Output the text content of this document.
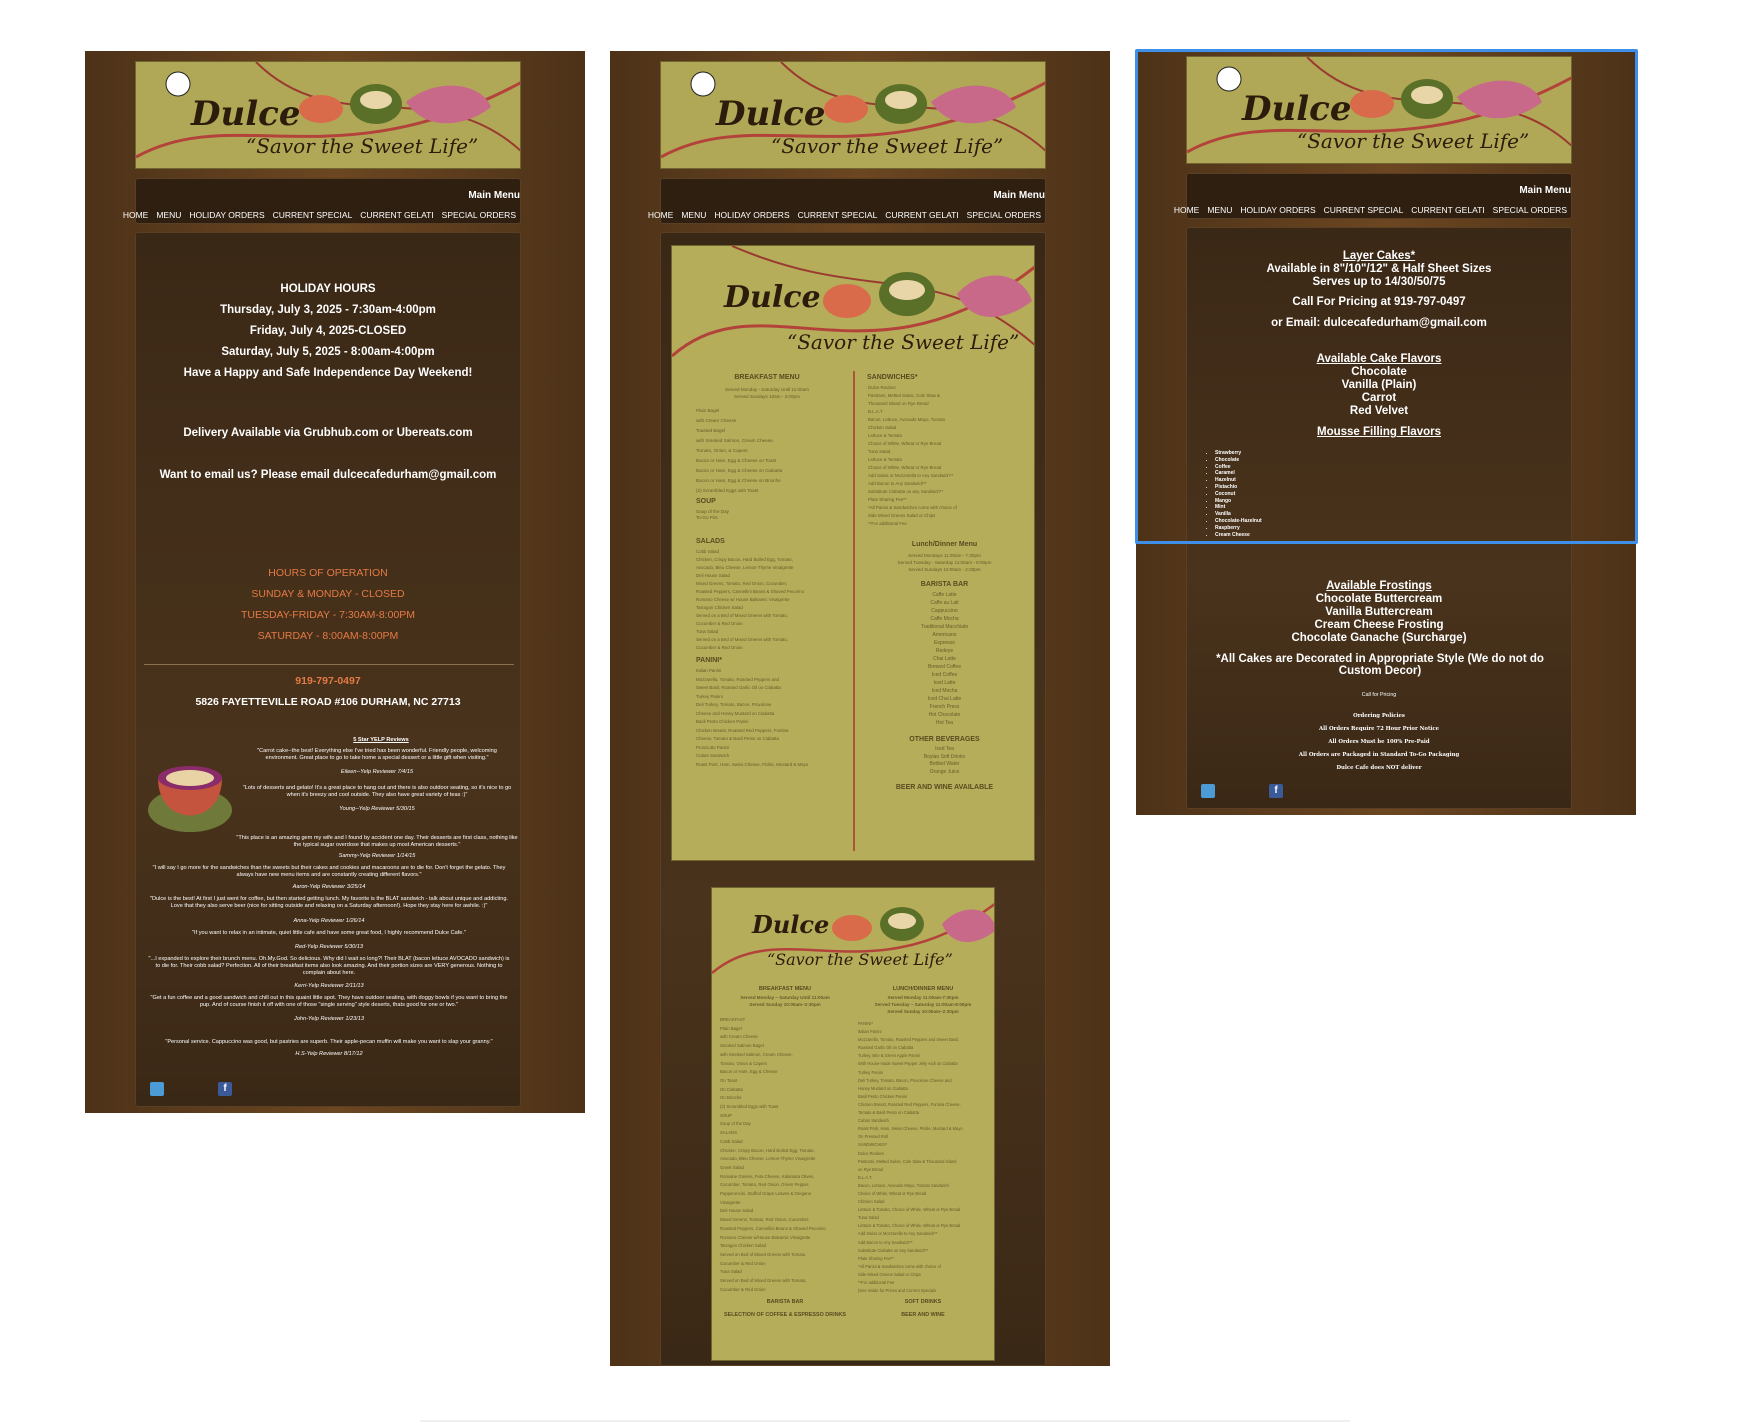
Dulce
“Savor the Sweet Life”
Main Menu
HOME MENU HOLIDAY ORDERS CURRENT SPECIAL CURRENT GELATI SPECIAL ORDERS
HOLIDAY HOURS
Thursday, July 3, 2025 - 7:30am-4:00pm
Friday, July 4, 2025-CLOSED
Saturday, July 5, 2025 - 8:00am-4:00pm
Have a Happy and Safe Independence Day Weekend!
Delivery Available via Grubhub.com or Ubereats.com
Want to email us? Please email dulcecafedurham@gmail.com
HOURS OF OPERATION
SUNDAY & MONDAY - CLOSED
TUESDAY-FRIDAY - 7:30AM-8:00PM
SATURDAY - 8:00AM-8:00PM
919-797-0497
5826 FAYETTEVILLE ROAD #106 DURHAM, NC 27713
5 Star YELP Reviews
"Carrot cake--the best! Everything else I've tried has been wonderful. Friendly people, welcoming environment. Great place to go to take home a special dessert or a little gift when visiting."
Eileen--Yelp Reviewer 7/4/15
"Lots of desserts and gelato! It's a great place to hang out and there is also outdoor seating, so it's nice to go when it's breezy and cool outside. They also have great variety of teas :)"
Young--Yelp Reviewer 5/30/15
"This place is an amazing gem my wife and I found by accident one day. Their desserts are first class, nothing like the typical sugar overdose that makes up most American desserts."
Sammy-Yelp Reviewer 1/14/15
"I will say I go more for the sandwiches than the sweets but their cakes and cookies and macaroons are to die for. Don't forget the gelato. They always have new menu items and are constantly creating different flavors."
Aaron-Yelp Reviewer 3/25/14
"Dulce is the best! At first I just went for coffee, but then started getting lunch. My favorite is the BLAT sandwich - talk about unique and addicting. Love that they also serve beer (nice for sitting outside and relaxing on a Saturday afternoon!). Hope they stay here for awhile. :)"
Anna-Yelp Reviewer 1/26/14
"If you want to relax in an intimate, quiet little cafe and have some great food, I highly recommend Dulce Cafe."
Red-Yelp Reviewer 5/30/13
"...I expanded to explore their brunch menu. Oh.My.God. So delicious. Why did I wait so long?! Their BLAT (bacon lettuce AVOCADO sandwich) is to die for. Their cobb salad? Perfection. All of their breakfast items also look amazing. And their portion sizes are VERY generous. Nothing to complain about here.
Kerri-Yelp Reviewer 2/11/13
"Get a fun coffee and a good sandwich and chill out in this quaint little spot. They have outdoor seating, with doggy bowls if you want to bring the pup. And of course finish it off with one of those "single serving" style deserts, thats good for one or two."
John-Yelp Reviewer 1/23/13
"Personal service. Cappuccino was good, but pastries are superb. Their apple-pecan muffin will make you want to slap your granny."
H.S-Yelp Reviewer 8/17/12
f
Dulce
“Savor the Sweet Life”
Main Menu
HOME MENU HOLIDAY ORDERS CURRENT SPECIAL CURRENT GELATI SPECIAL ORDERS
Dulce
“Savor the Sweet Life”
BREAKFAST MENU
Served Monday - Saturday Until 11:00am
Served Sundays 10am - 2:00pm
Plain Bagel
with Cream Cheese
Toasted Bagel
with Smoked Salmon, Cream Cheese,
Tomato, Onion, & Capers
Bacon or Ham, Egg & Cheese on Toast
Bacon or Ham, Egg & Cheese on Ciabatta
Bacon or Ham, Egg & Cheese on Brioche
(2) Scrambled Eggs with Toast
SOUP
Soup of the Day
To-Go Pint
SALADS
Cobb Salad
Chicken, Crispy Bacon, Hard Boiled Egg, Tomato,
Avocado, Bleu Cheese, Lemon-Thyme Vinaigrette
Deli House Salad
Mixed Greens, Tomato, Red Onion, Cucumber,
Roasted Peppers, Cannellini Beans & Shaved Pecorino
Romano Cheese w/ House Balsamic Vinaigrette
Tarragon Chicken Salad
Served on a Bed of Mixed Greens with Tomato,
Cucumber & Red Onion
Tuna Salad
Served on a Bed of Mixed Greens with Tomato,
Cucumber & Red Onion
PANINI*
Italian Panini
Mozzarella, Tomato, Roasted Peppers and
Sweet Basil, Roasted Garlic Oil on Ciabatta
Turkey Panini
Deli Turkey, Tomato, Bacon, Provolone
Cheese and Honey Mustard on Ciabatta
Basil Pesto Chicken Panini
Chicken Breast, Roasted Red Peppers, Fontina
Cheese, Tomato & Basil Pesto on Ciabatta
Prosciutto Panini
Cuban Sandwich
Roast Pork, Ham, Swiss Cheese, Pickle, Mustard & Mayo
SANDWICHES*
Dulce Reuben
Pastrami, Melted Swiss, Cole Slaw &
Thousand Island on Rye Bread
B.L.A.T
Bacon, Lettuce, Avocado Mayo, Tomato
Chicken Salad
Lettuce & Tomato
Choice of White, Wheat or Rye Bread
Tuna Salad
Lettuce & Tomato
Choice of White, Wheat or Rye Bread
Add Swiss or Mozzarella to Any Sandwich**
Add Bacon to Any Sandwich**
Substitute Ciabatta on any Sandwich**
Plate Sharing Fee**
*All Panini & Sandwiches come with choice of
Side Mixed Greens Salad or Chips
**For additional Fee
Lunch/Dinner Menu
Served Mondays 11:00am - 7:30pm
Served Tuesday - Saturday 11:00am - 8:00pm
Served Sundays 10:00am - 2:30pm
BARISTA BAR
Caffe Latte
Caffe au Lait
Cappuccino
Caffe Mocha
Traditional Macchiato
Americano
Espresso
Redeye
Chai Latte
Brewed Coffee
Iced Coffee
Iced Latte
Iced Mocha
Iced Chai Latte
French Press
Hot Chocolate
Hot Tea
OTHER BEVERAGES
Iced Tea
Boylan Soft Drinks
Bottled Water
Orange Juice
BEER AND WINE AVAILABLE
Dulce
“Savor the Sweet Life”
BREAKFAST MENU
Served Monday – Saturday Until 11:00am
Served Sunday 10:00am–2:30pm
BREAKFAST
Plain Bagel
with Cream Cheese
Smoked Salmon Bagel
with Smoked Salmon, Cream Cheese,
Tomato, Onion & Capers
Bacon or Ham, Egg & Cheese
On Toast
On Ciabatta
On Brioche
(2) Scrambled Eggs with Toast
SOUP
Soup of the Day
SALADS
Cobb Salad
Chicken, Crispy Bacon, Hard Boiled Egg, Tomato,
Avocado, Bleu Cheese, Lemon-Thyme Vinaigrette
Greek Salad
Romaine Greens, Feta Cheese, Kalamata Olives,
Cucumber, Tomato, Red Onion, Green Pepper,
Pepperoncini, Stuffed Grape Leaves & Oregano
Vinaigrette
Deli House Salad
Mixed Greens, Tomato, Red Onion, Cucumber,
Roasted Peppers, Cannellini Beans & Shaved Pecorino
Romano Cheese w/House Balsamic Vinaigrette
Tarragon Chicken Salad
Served on Bed of Mixed Greens with Tomato,
Cucumber & Red Onion
Tuna Salad
Served on Bed of Mixed Greens with Tomato,
Cucumber & Red Onion
BARISTA BAR
SELECTION OF COFFEE & ESPRESSO DRINKS
LUNCH/DINNER MENU
Served Monday 11:00am-7:30pm
Served Tuesday – Saturday 11:00am-8:00pm
Served Sunday 10:00am–2:30pm
PANINI*
Italian Panini
Mozzarella, Tomato, Roasted Peppers and Sweet Basil,
Roasted Garlic Oil on Ciabatta
Turkey, Brie & Green Apple Panini
With House-made Sweet Pepper Jelly Aioli on Ciabatta
Turkey Panini
Deli Turkey, Tomato, Bacon, Provolone Cheese and
Honey Mustard on Ciabatta
Basil Pesto Chicken Panini
Chicken Breast, Roasted Red Peppers, Fontina Cheese,
Tomato & Basil Pesto on Ciabatta
Cuban Sandwich
Roast Pork, Ham, Swiss Cheese, Pickle, Mustard & Mayo
On Pressed Roll
SANDWICHES*
Dulce Reuben
Pastrami, Melted Swiss, Cole Slaw & Thousand Island
on Rye Bread
B.L.A.T.
Bacon, Lettuce, Avocado Mayo, Tomato Sandwich
Choice of White, Wheat or Rye Bread
Chicken Salad
Lettuce & Tomato, Choice of White, Wheat or Rye Bread
Tuna Salad
Lettuce & Tomato, Choice of White, Wheat or Rye Bread
Add Swiss or Mozzarella to Any Sandwich**
Add Bacon to Any Sandwich**
Substitute Ciabatta on any Sandwich**
Plate Sharing Fee**
*All Panini & Sandwiches come with choice of
Side Mixed Greens Salad or Chips
**For additional Fee
(See inside for Prices and Current Specials
SOFT DRINKS
BEER AND WINE
Dulce
“Savor the Sweet Life”
Main Menu
HOME MENU HOLIDAY ORDERS CURRENT SPECIAL CURRENT GELATI SPECIAL ORDERS
Layer Cakes*
Available in 8"/10"/12" & Half Sheet Sizes
Serves up to 14/30/50/75
Call For Pricing at 919-797-0497
or Email: dulcecafedurham@gmail.com
Available Cake Flavors
Chocolate
Vanilla (Plain)
Carrot
Red Velvet
Mousse Filling Flavors
• Strawberry
• Chocolate
• Coffee
• Caramel
• Hazelnut
• Pistachio
• Coconut
• Mango
• Mint
• Vanilla
• Chocolate-Hazelnut
• Raspberry
• Cream Cheese
Available Frostings
Chocolate Buttercream
Vanilla Buttercream
Cream Cheese Frosting
Chocolate Ganache (Surcharge)
*All Cakes are Decorated in Appropriate Style (We do not do Custom Decor)
Call for Pricing
Ordering Policies
All Orders Require 72 Hour Prior Notice
All Orders Must be 100% Pre-Paid
All Orders are Packaged in Standard To-Go Packaging
Dulce Cafe does NOT deliver
f
